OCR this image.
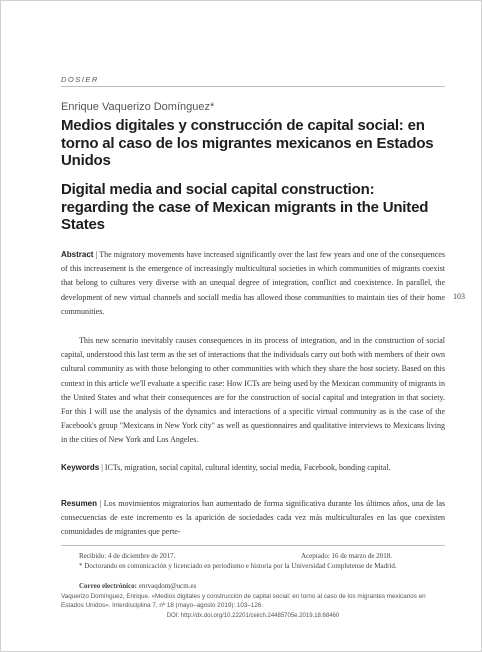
DOSIER
Enrique Vaquerizo Domínguez*
Medios digitales y construcción de capital social: en torno al caso de los migrantes mexicanos en Estados Unidos
Digital media and social capital construction: regarding the case of Mexican migrants in the United States

Abstract | The migratory movements have increased significantly over the last few years and one of the consequences of this increasement is the emergence of increasingly multicultural societies in which communities of migrants coexist that belong to cultures very diverse with an unequal degree of integration, conflict and coexistence. In parallel, the development of new virtual channels and socialI media has allowed those communities to maintain ties of their home communities.

This new scenario inevitably causes consequences in its process of integration, and in the construction of social capital, understood this last term as the set of interactions that the individuals carry out both with members of their own cultural community as with those belonging to other communities with which they share the host society. Based on this context in this article we'll evaluate a specific case: How ICTs are being used by the Mexican community of migrants in the United States and what their consequences are for the construction of social capital and integration in that society. For this I will use the analysis of the dynamics and interactions of a specific virtual community as is the case of the Facebook's group "Mexicans in New York city" as well as questionnaires and qualitative interviews to Mexicans living in the cities of New York and Los Angeles.

Keywords | ICTs, migration, social capital, cultural identity, social media, Facebook, bonding capital.

Resumen | Los movimientos migratorios han aumentado de forma significativa durante los últimos años, una de las consecuencias de este incremento es la aparición de sociedades cada vez más multiculturales en las que coexisten comunidades de migrantes que perte-

103
Recibido: 4 de diciembre de 2017.	Aceptado: 16 de marzo de 2018.
* Doctorando en comunicación y licenciado en periodismo e historia por la Universidad Complutense de Madrid.
Correo electrónico: enrvaqdom@ucm.es
Vaquerizo Domínguez, Enrique. «Medios digitales y construcción de capital social: en torno al caso de los migrantes mexicanos en Estados Unidos». Interdisciplina 7, nº 18 (mayo–agosto 2019): 103–126.
DOI: http://dx.doi.org/10.22201/ceiich.24485705e.2019.18.68460
